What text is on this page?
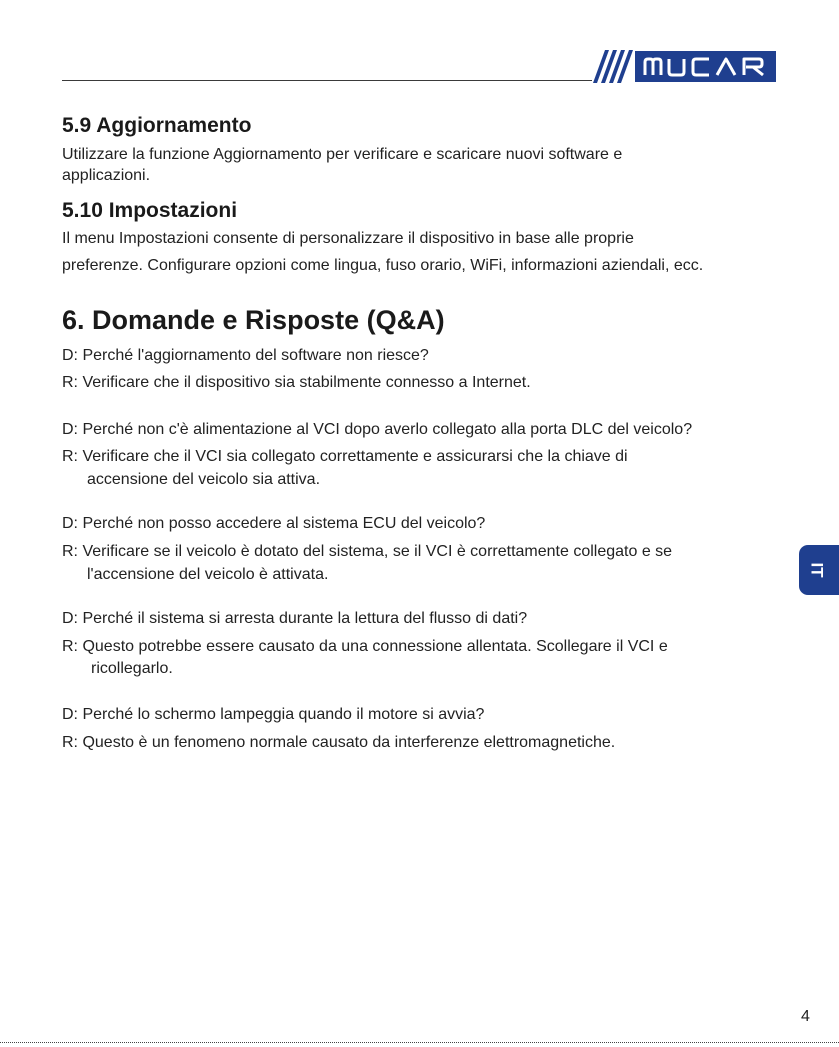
5.9 Aggiornamento

Utilizzare la funzione Aggiornamento per verificare e scaricare nuovi software e

applicazioni.

5.10 Impostazioni

Il menu Impostazioni consente di personalizzare il dispositivo in base alle proprie

preferenze. Configurare opzioni come lingua, fuso orario, WiFi, informazioni aziendali, ecc.

6. Domande e Risposte (Q&A)

D: Perché l'aggiornamento del software non riesce?

R: Verificare che il dispositivo sia stabilmente connesso a Internet.

D: Perché non c'è alimentazione al VCI dopo averlo collegato alla porta DLC del veicolo?

R: Verificare che il VCI sia collegato correttamente e assicurarsi che la chiave di

accensione del veicolo sia attiva.

D: Perché non posso accedere al sistema ECU del veicolo?

R: Verificare se il veicolo è dotato del sistema, se il VCI è correttamente collegato e se

l'accensione del veicolo è attivata.

D: Perché il sistema si arresta durante la lettura del flusso di dati?

R: Questo potrebbe essere causato da una connessione allentata. Scollegare il VCI e

ricollegarlo.

D: Perché lo schermo lampeggia quando il motore si avvia?

R: Questo è un fenomeno normale causato da interferenze elettromagnetiche.

IT
4
